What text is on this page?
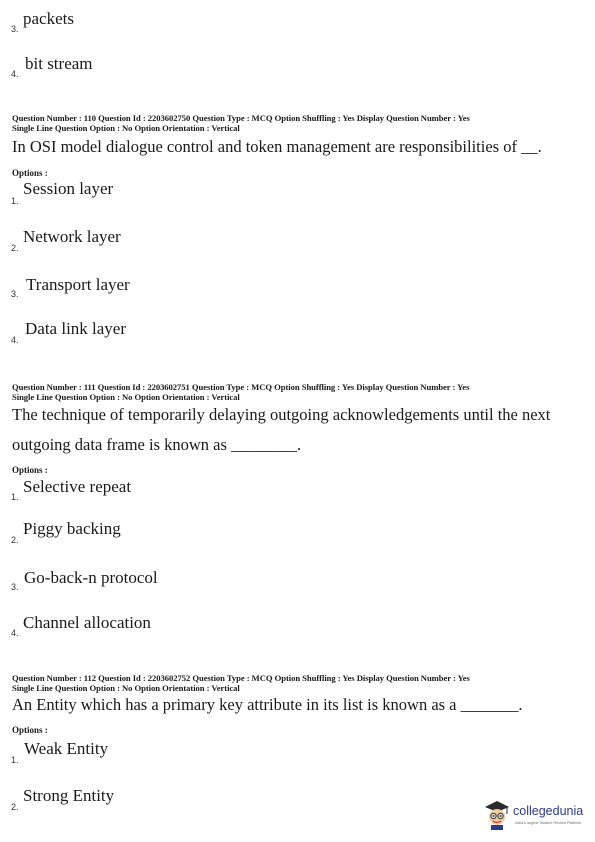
3.
packets
4.
bit stream
Question Number : 110 Question Id : 2203602750 Question Type : MCQ Option Shuffling : Yes Display Question Number : Yes
Single Line Question Option : No Option Orientation : Vertical
In OSI model dialogue control and token management are responsibilities of __.
Options :
1.
Session layer
2.
Network layer
3. Transport layer
4.
Data link layer
Question Number : 111 Question Id : 2203602751 Question Type : MCQ Option Shuffling : Yes Display Question Number : Yes
Single Line Question Option : No Option Orientation : Vertical
The technique of temporarily delaying outgoing acknowledgements until the next
outgoing data frame is known as ________.
Options :
1.
Selective repeat
2.
Piggy backing
3. Go-back-n protocol
4.
Channel allocation
Question Number : 112 Question Id : 2203602752 Question Type : MCQ Option Shuffling : Yes Display Question Number : Yes
Single Line Question Option : No Option Orientation : Vertical
An Entity which has a primary key attribute in its list is known as a _______.
Options :
1.
Weak Entity
2.
Strong Entity
collegedunia
India's largest Student Review Platform
